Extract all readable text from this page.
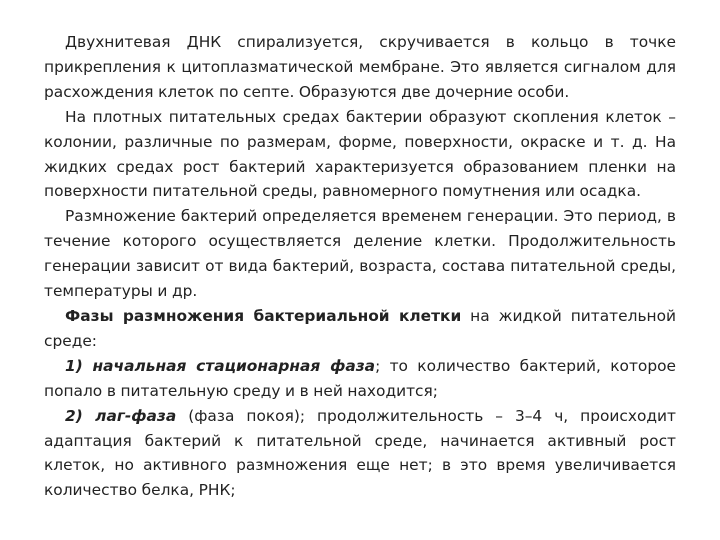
Двухнитевая ДНК спирализуется, скручивается в кольцо в точке прикрепления к цитоплазматической мембране. Это является сигналом для расхождения клеток по септе. Образуются две дочерние особи.

На плотных питательных средах бактерии образуют скопления клеток – колонии, различные по размерам, форме, поверхности, окраске и т. д. На жидких средах рост бактерий характеризуется образованием пленки на поверхности питательной среды, равномерного помутнения или осадка.

Размножение бактерий определяется временем генерации. Это период, в течение которого осуществляется деление клетки. Продолжительность генерации зависит от вида бактерий, возраста, состава питательной среды, температуры и др.

Фазы размножения бактериальной клетки на жидкой питательной среде:

1) начальная стационарная фаза; то количество бактерий, которое попало в питательную среду и в ней находится;

2) лаг-фаза (фаза покоя); продолжительность – 3–4 ч, происходит адаптация бактерий к питательной среде, начинается активный рост клеток, но активного размножения еще нет; в это время увеличивается количество белка, РНК;
